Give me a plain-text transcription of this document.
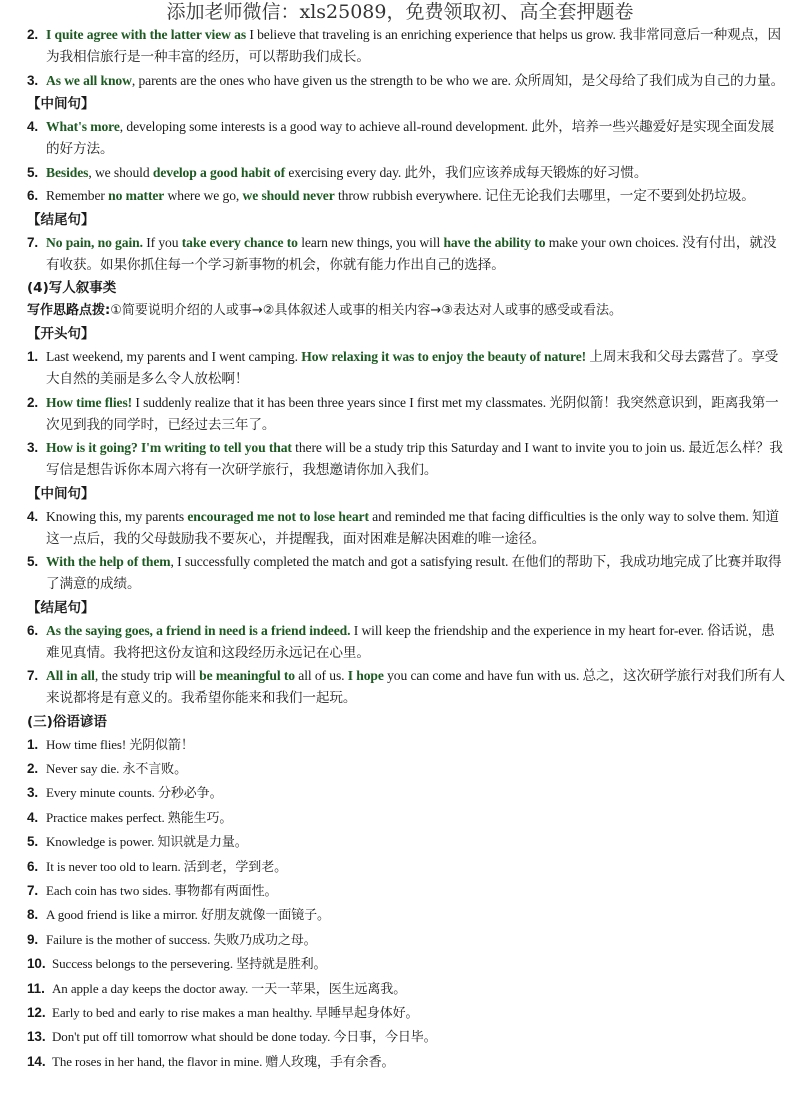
添加老师微信：xls25089，免费领取初、高全套押题卷
2. I quite agree with the latter view as I believe that traveling is an enriching experience that helps us grow. 我非常同意后一种观点，因为我相信旅行是一种丰富的经历，可以帮助我们成长。
3. As we all know, parents are the ones who have given us the strength to be who we are. 众所周知，是父母给了我们成为自己的力量。
【中间句】
4. What's more, developing some interests is a good way to achieve all-round development. 此外，培养一些兴趣爱好是实现全面发展的好方法。
5. Besides, we should develop a good habit of exercising every day. 此外，我们应该养成每天锻炼的好习惯。
6. Remember no matter where we go, we should never throw rubbish everywhere. 记住无论我们去哪里，一定不要到处扔垃圾。
【结尾句】
7. No pain, no gain. If you take every chance to learn new things, you will have the ability to make your own choices. 没有付出，就没有收获。如果你抓住每一个学习新事物的机会，你就有能力作出自己的选择。
(4)写人叙事类
写作思路点拨:①简要说明介绍的人或事→②具体叙述人或事的相关内容→③表达对人或事的感受或看法。
【开头句】
1. Last weekend, my parents and I went camping. How relaxing it was to enjoy the beauty of nature! 上周末我和父母去露营了。享受大自然的美丽是多么令人放松啊！
2. How time flies! I suddenly realize that it has been three years since I first met my classmates. 光阴似箭！我突然意识到，距离我第一次见到我的同学时，已经过去三年了。
3. How is it going? I'm writing to tell you that there will be a study trip this Saturday and I want to invite you to join us. 最近怎么样？我写信是想告诉你本周六将有一次研学旅行，我想邀请你加入我们。
【中间句】
4. Knowing this, my parents encouraged me not to lose heart and reminded me that facing difficulties is the only way to solve them. 知道这一点后，我的父母鼓励我不要灰心，并提醒我，面对困难是解决困难的唯一途径。
5. With the help of them, I successfully completed the match and got a satisfying result. 在他们的帮助下，我成功地完成了比赛并取得了满意的成绩。
【结尾句】
6. As the saying goes, a friend in need is a friend indeed. I will keep the friendship and the experience in my heart for-ever. 俗话说，患难见真情。我将把这份友谊和这段经历永远记在心里。
7. All in all, the study trip will be meaningful to all of us. I hope you can come and have fun with us. 总之，这次研学旅行对我们所有人来说都将是有意义的。我希望你能来和我们一起玩。
(三)俗语谚语
1. How time flies! 光阴似箭！
2. Never say die. 永不言败。
3. Every minute counts. 分秒必争。
4. Practice makes perfect. 熟能生巧。
5. Knowledge is power. 知识就是力量。
6. It is never too old to learn. 活到老，学到老。
7. Each coin has two sides. 事物都有两面性。
8. A good friend is like a mirror. 好朋友就像一面镜子。
9. Failure is the mother of success. 失败乃成功之母。
10. Success belongs to the persevering. 坚持就是胜利。
11. An apple a day keeps the doctor away. 一天一苹果，医生远离我。
12. Early to bed and early to rise makes a man healthy. 早睡早起身体好。
13. Don't put off till tomorrow what should be done today. 今日事，今日毕。
14. The roses in her hand, the flavor in mine. 赠人玫瑰，手有余香。
